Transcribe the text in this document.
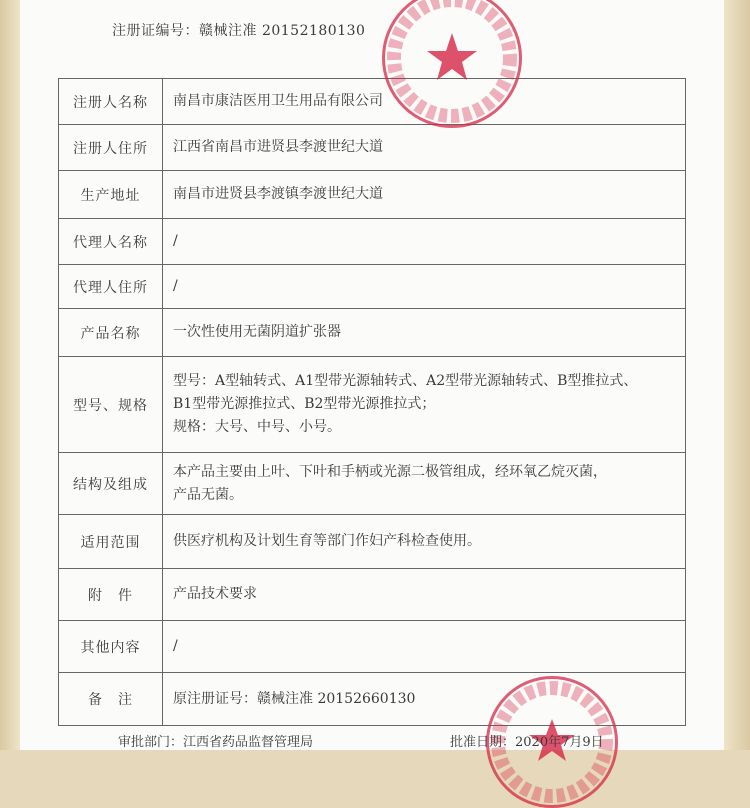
注册证编号：赣械注准 20152180130
注册人名称	南昌市康洁医用卫生用品有限公司
注册人住所	江西省南昌市进贤县李渡世纪大道
生产地址	南昌市进贤县李渡镇李渡世纪大道
代理人名称	/
代理人住所	/
产品名称	一次性使用无菌阴道扩张器
型号、规格	型号：A型轴转式、A1型带光源轴转式、A2型带光源轴转式、B型推拉式、
B1型带光源推拉式、B2型带光源推拉式；
规格：大号、中号、小号。

结构及组成	本产品主要由上叶、下叶和手柄或光源二极管组成，经环氧乙烷灭菌，
产品无菌。

适用范围	供医疗机构及计划生育等部门作妇产科检查使用。
附　件	产品技术要求
其他内容	/
备　注	原注册证号：赣械注准 20152660130
审批部门：江西省药品监督管理局	批准日期：2020年7月9日
